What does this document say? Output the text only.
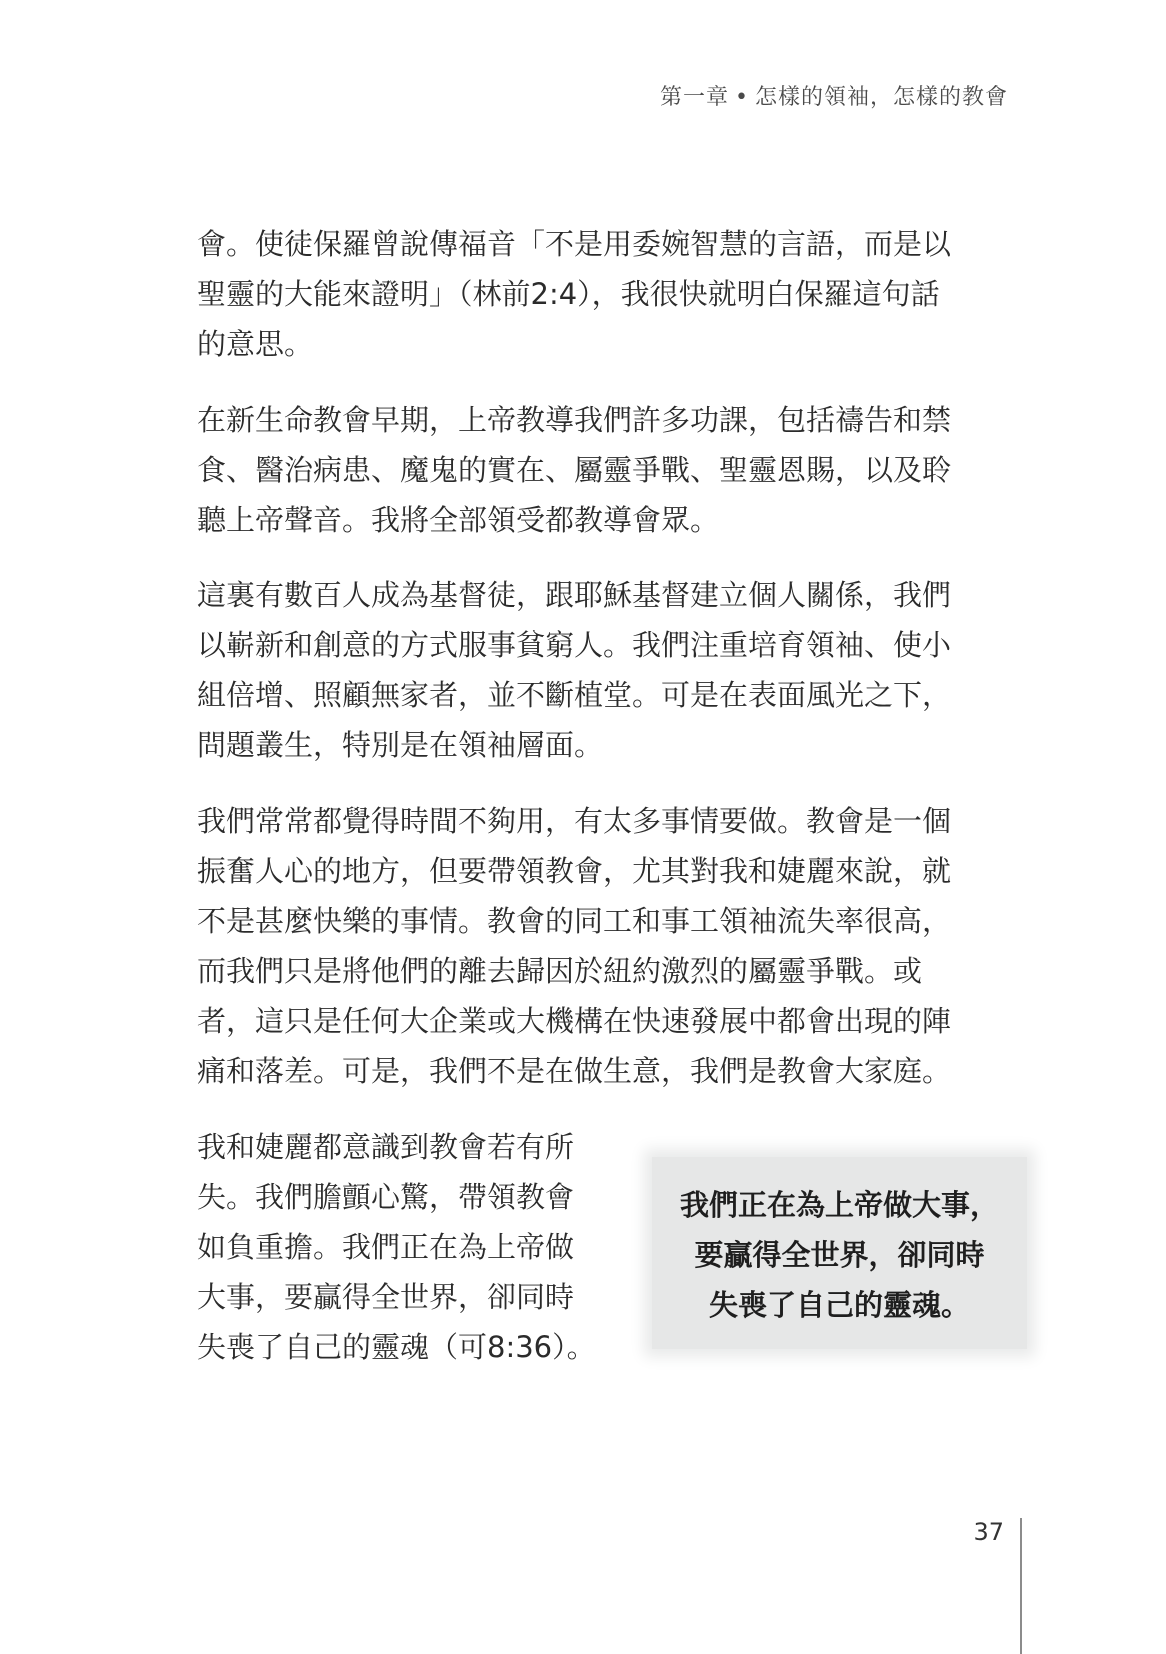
第一章 • 怎樣的領袖，怎樣的教會
會。使徒保羅曾說傳福音「不是用委婉智慧的言語，而是以
聖靈的大能來證明」（林前2:4），我很快就明白保羅這句話
的意思。
在新生命教會早期，上帝教導我們許多功課，包括禱告和禁
食、醫治病患、魔鬼的實在、屬靈爭戰、聖靈恩賜，以及聆
聽上帝聲音。我將全部領受都教導會眾。
這裏有數百人成為基督徒，跟耶穌基督建立個人關係，我們
以嶄新和創意的方式服事貧窮人。我們注重培育領袖、使小
組倍增、照顧無家者，並不斷植堂。可是在表面風光之下，
問題叢生，特別是在領袖層面。
我們常常都覺得時間不夠用，有太多事情要做。教會是一個
振奮人心的地方，但要帶領教會，尤其對我和婕麗來說，就
不是甚麼快樂的事情。教會的同工和事工領袖流失率很高，
而我們只是將他們的離去歸因於紐約激烈的屬靈爭戰。或
者，這只是任何大企業或大機構在快速發展中都會出現的陣
痛和落差。可是，我們不是在做生意，我們是教會大家庭。
我和婕麗都意識到教會若有所
失。我們膽顫心驚，帶領教會
如負重擔。我們正在為上帝做
大事，要贏得全世界，卻同時
失喪了自己的靈魂（可8:36）。
我們正在為上帝做大事，
要贏得全世界，卻同時
失喪了自己的靈魂。
37
